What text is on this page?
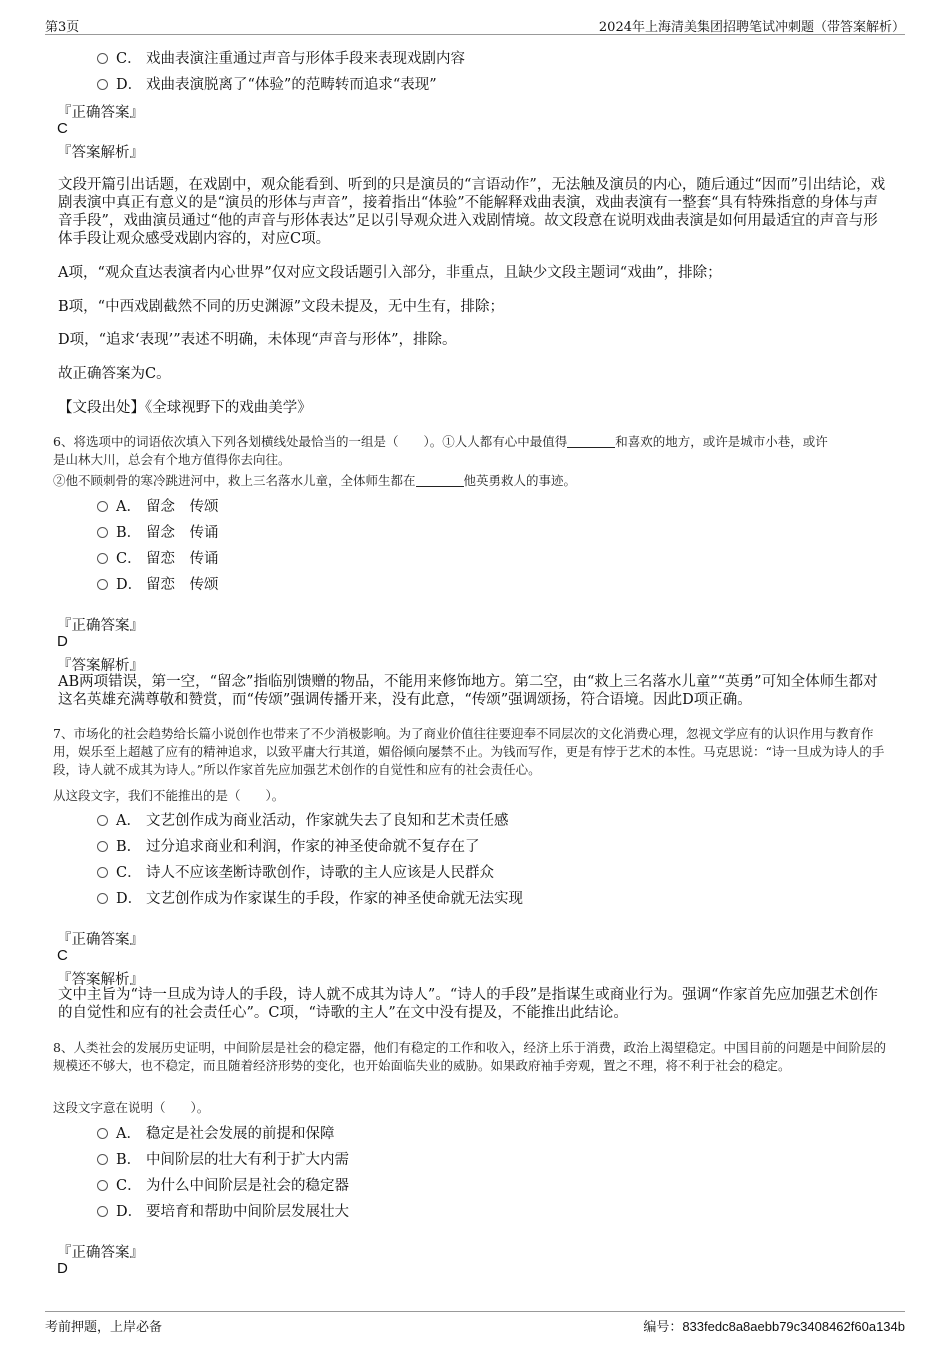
第3页	2024年上海清美集团招聘笔试冲刺题（带答案解析）
C． 戏曲表演注重通过声音与形体手段来表现戏剧内容
D． 戏曲表演脱离了“体验”的范畴转而追求“表现”
『正确答案』
C
『答案解析』
文段开篇引出话题，在戏剧中，观众能看到、听到的只是演员的“言语动作”，无法触及演员的内心，随后通过“因而”引出结论，戏剧表演中真正有意义的是“演员的形体与声音”，接着指出“体验”不能解释戏曲表演，戏曲表演有一整套“具有特殊指意的身体与声音手段”，戏曲演员通过“他的声音与形体表达”足以引导观众进入戏剧情境。故文段意在说明戏曲表演是如何用最适宜的声音与形体手段让观众感受戏剧内容的，对应C项。
A项，“观众直达表演者内心世界”仅对应文段话题引入部分，非重点，且缺少文段主题词“戏曲”，排除；
B项，“中西戏剧截然不同的历史渊源”文段未提及，无中生有，排除；
D项，“追求‘表现’”表述不明确，未体现“声音与形体”，排除。
故正确答案为C。
【文段出处】《全球视野下的戏曲美学》
6、将选项中的词语依次填入下列各划横线处最恰当的一组是（　　）。①人人都有心中最值得	和喜欢的地方，或许是城市小巷，或许
是山林大川，总会有个地方值得你去向往。
②他不顾刺骨的寒冷跳进河中，救上三名落水儿童，全体师生都在	他英勇救人的事迹。
A． 留念　传颂
B． 留念　传诵
C． 留恋　传诵
D． 留恋　传颂
『正确答案』
D
『答案解析』
AB两项错误，第一空，“留念”指临别馈赠的物品，不能用来修饰地方。第二空，由“救上三名落水儿童”“英勇”可知全体师生都对这名英雄充满尊敬和赞赏，而“传颂”强调传播开来，没有此意，“传颂”强调颂扬，符合语境。因此D项正确。
7、市场化的社会趋势给长篇小说创作也带来了不少消极影响。为了商业价值往往要迎奉不同层次的文化消费心理，忽视文学应有的认识作用与教育作用，娱乐至上超越了应有的精神追求，以致平庸大行其道，媚俗倾向屡禁不止。为钱而写作，更是有悖于艺术的本性。马克思说：“诗一旦成为诗人的手段，诗人就不成其为诗人。”所以作家首先应加强艺术创作的自觉性和应有的社会责任心。
从这段文字，我们不能推出的是（　　）。
A． 文艺创作成为商业活动，作家就失去了良知和艺术责任感
B． 过分追求商业和利润，作家的神圣使命就不复存在了
C． 诗人不应该垄断诗歌创作，诗歌的主人应该是人民群众
D． 文艺创作成为作家谋生的手段，作家的神圣使命就无法实现
『正确答案』
C
『答案解析』
文中主旨为“诗一旦成为诗人的手段，诗人就不成其为诗人”。“诗人的手段”是指谋生或商业行为。强调“作家首先应加强艺术创作的自觉性和应有的社会责任心”。C项，“诗歌的主人”在文中没有提及，不能推出此结论。
8、人类社会的发展历史证明，中间阶层是社会的稳定器，他们有稳定的工作和收入，经济上乐于消费，政治上渴望稳定。中国目前的问题是中间阶层的规模还不够大，也不稳定，而且随着经济形势的变化，也开始面临失业的威胁。如果政府袖手旁观，置之不理，将不利于社会的稳定。
这段文字意在说明（　　）。
A． 稳定是社会发展的前提和保障
B． 中间阶层的壮大有利于扩大内需
C． 为什么中间阶层是社会的稳定器
D． 要培育和帮助中间阶层发展壮大
『正确答案』
D
考前押题，上岸必备	编号：833fedc8a8aebb79c3408462f60a134b
